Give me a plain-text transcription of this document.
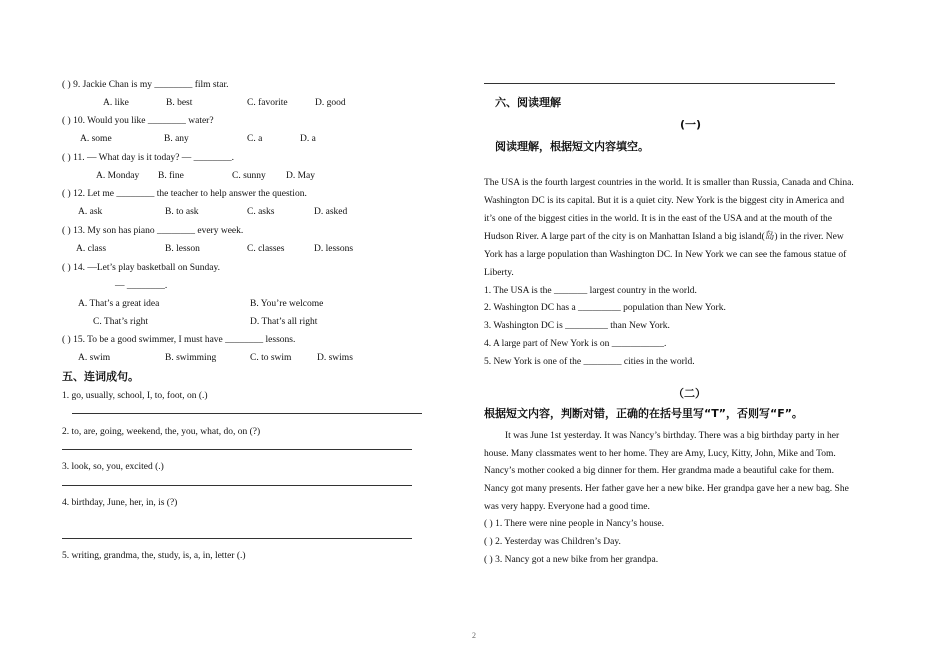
( ) 9. Jackie Chan is my ________ film star.
A. like	B. best	C. favorite	D. good
( ) 10. Would you like ________ water?
A. some	B. any	C. a	D. a
( ) 11. — What day is it today? — ________.
A. Monday B. fine	C. sunny D. May
( ) 12. Let me ________ the teacher to help answer the question.
A. ask	B. to ask	C. asks	D. asked
( ) 13. My son has piano ________ every week.
A. class	B. lesson	C. classes	D. lessons
( ) 14. —Let’s play basketball on Sunday.
— ________.
A. That’s a great idea	B. You’re welcome
C. That’s right	D. That’s all right
( ) 15. To be a good swimmer, I must have ________ lessons.
A. swim	B. swimming	C. to swim	D. swims
五、连词成句。
1. go, usually, school, I, to, foot, on (.)
2. to, are, going, weekend, the, you, what, do, on (?)
3. look, so, you, excited (.)
4. birthday, June, her, in, is (?)
5. writing, grandma, the, study, is, a, in, letter (.)
六、阅读理解
(一)
阅读理解，根据短文内容填空。
The USA is the fourth largest countries in the world. It is smaller than Russia, Canada and China.
Washington DC is its capital. But it is a quiet city. New York is the biggest city in America and
it’s one of the biggest cities in the world. It is in the east of the USA and at the mouth of the
Hudson River. A large part of the city is on Manhattan Island a big island(岛) in the river. New
York has a large population than Washington DC. In New York we can see the famous statue of
Liberty.
1. The USA is the _______ largest country in the world.
2. Washington DC has a _________ population than New York.
3. Washington DC is _________ than New York.
4. A large part of New York is on ___________.
5. New York is one of the ________ cities in the world.
（二）
根据短文内容，判断对错，正确的在括号里写“T”，否则写“F”。
It was June 1st yesterday. It was Nancy’s birthday. There was a big birthday party in her
house. Many classmates went to her home. They are Amy, Lucy, Kitty, John, Mike and Tom.
Nancy’s mother cooked a big dinner for them. Her grandma made a beautiful cake for them.
Nancy got many presents. Her father gave her a new bike. Her grandpa gave her a new bag. She
was very happy. Everyone had a good time.
( ) 1. There were nine people in Nancy’s house.
( ) 2. Yesterday was Children’s Day.
( ) 3. Nancy got a new bike from her grandpa.
2
